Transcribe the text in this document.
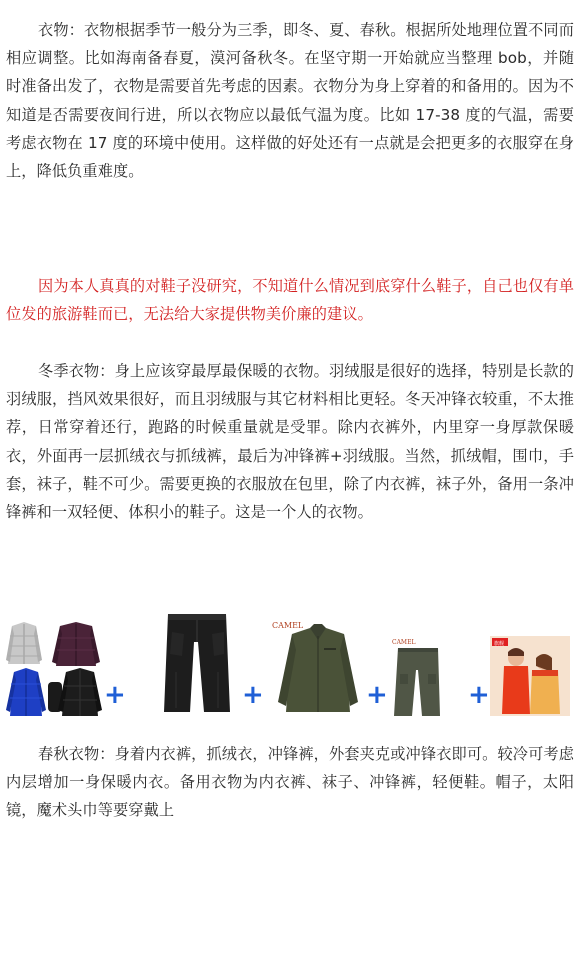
衣物：衣物根据季节一般分为三季，即冬、夏、春秋。根据所处地理位置不同而相应调整。比如海南备春夏，漠河备秋冬。在坚守期一开始就应当整理 bob，并随时准备出发了，衣物是需要首先考虑的因素。衣物分为身上穿着的和备用的。因为不知道是否需要夜间行进，所以衣物应以最低气温为度。比如 17-38 度的气温，需要考虑衣物在 17 度的环境中使用。这样做的好处还有一点就是会把更多的衣服穿在身上，降低负重难度。

因为本人真真的对鞋子没研究，不知道什么情况到底穿什么鞋子，自己也仅有单位发的旅游鞋而已，无法给大家提供物美价廉的建议。

冬季衣物：身上应该穿最厚最保暖的衣物。羽绒服是很好的选择，特别是长款的羽绒服，挡风效果很好，而且羽绒服与其它材料相比更轻。冬天冲锋衣较重，不太推荐，日常穿着还行，跑路的时候重量就是受罪。除内衣裤外，内里穿一身厚款保暖衣，外面再一层抓绒衣与抓绒裤，最后为冲锋裤+羽绒服。当然，抓绒帽，围巾，手套，袜子，鞋不可少。需要更换的衣服放在包里，除了内衣裤，袜子外，备用一条冲锋裤和一双轻便、体积小的鞋子。这是一个人的衣物。

+	+
CAMEL
+
CAMEL
+
旗舰

春秋衣物：身着内衣裤，抓绒衣，冲锋裤，外套夹克或冲锋衣即可。较冷可考虑内层增加一身保暖内衣。备用衣物为内衣裤、袜子、冲锋裤，轻便鞋。帽子，太阳镜，魔术头巾等要穿戴上
